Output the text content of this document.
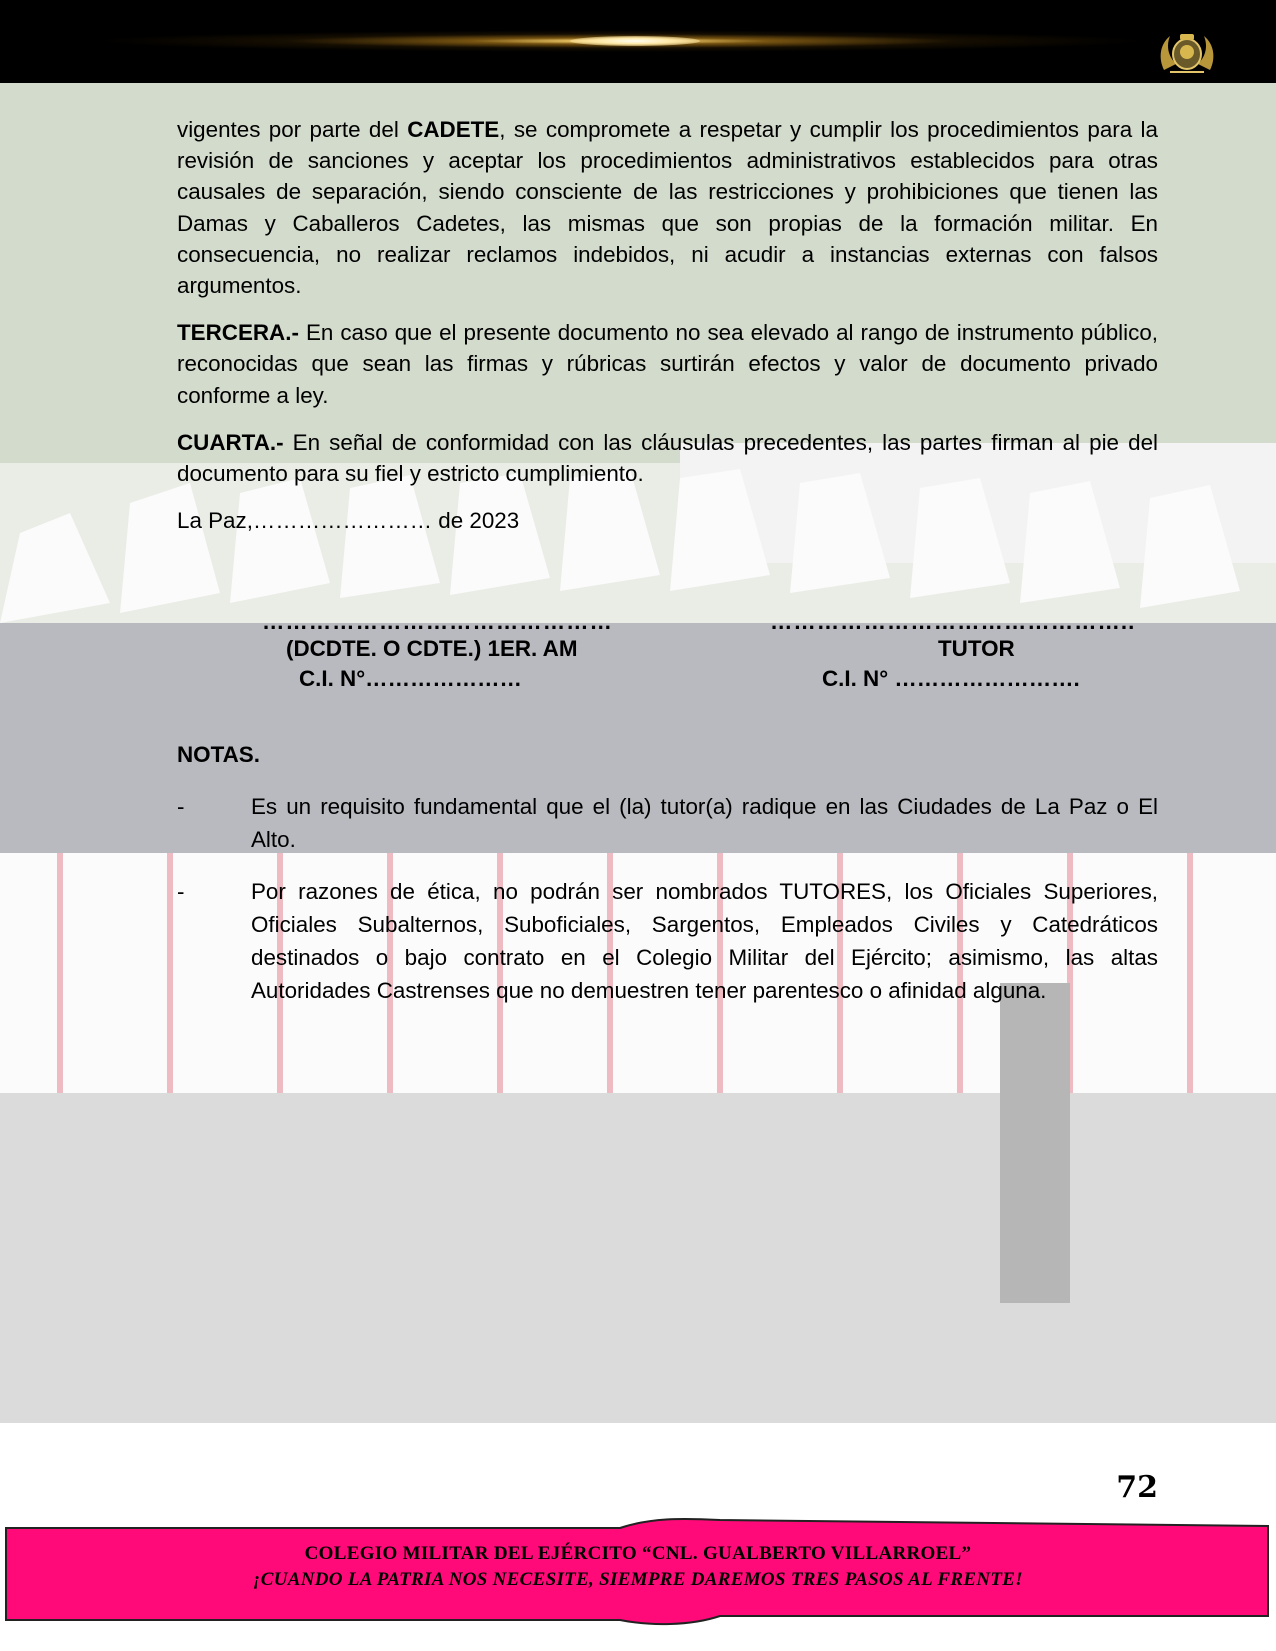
vigentes por parte del CADETE, se compromete a respetar y cumplir los procedimientos para la revisión de sanciones y aceptar los procedimientos administrativos establecidos para otras causales de separación, siendo consciente de las restricciones y prohibiciones que tienen las Damas y Caballeros Cadetes, las mismas que son propias de la formación militar. En consecuencia, no realizar reclamos indebidos, ni acudir a instancias externas con falsos argumentos.

TERCERA.- En caso que el presente documento no sea elevado al rango de instrumento público, reconocidas que sean las firmas y rúbricas surtirán efectos y valor de documento privado conforme a ley.

CUARTA.- En señal de conformidad con las cláusulas precedentes, las partes firman al pie del documento para su fiel y estricto cumplimiento.

La Paz,…………………… de 2023
………………………………………
(DCDTE. O CDTE.) 1ER. AM
C.I. N°…………………
………………………………………..
TUTOR
C.I. N° …………………….
NOTAS.
-	Es un requisito fundamental que el (la) tutor(a) radique en las Ciudades de La Paz o El Alto.
-	Por razones de ética, no podrán ser nombrados TUTORES, los Oficiales Superiores, Oficiales Subalternos, Suboficiales, Sargentos, Empleados Civiles y Catedráticos destinados o bajo contrato en el Colegio Militar del Ejército; asimismo, las altas Autoridades Castrenses que no demuestren tener parentesco o afinidad alguna.
72
COLEGIO MILITAR DEL EJÉRCITO “CNL. GUALBERTO VILLARROEL”
¡CUANDO LA PATRIA NOS NECESITE, SIEMPRE DAREMOS TRES PASOS AL FRENTE!
